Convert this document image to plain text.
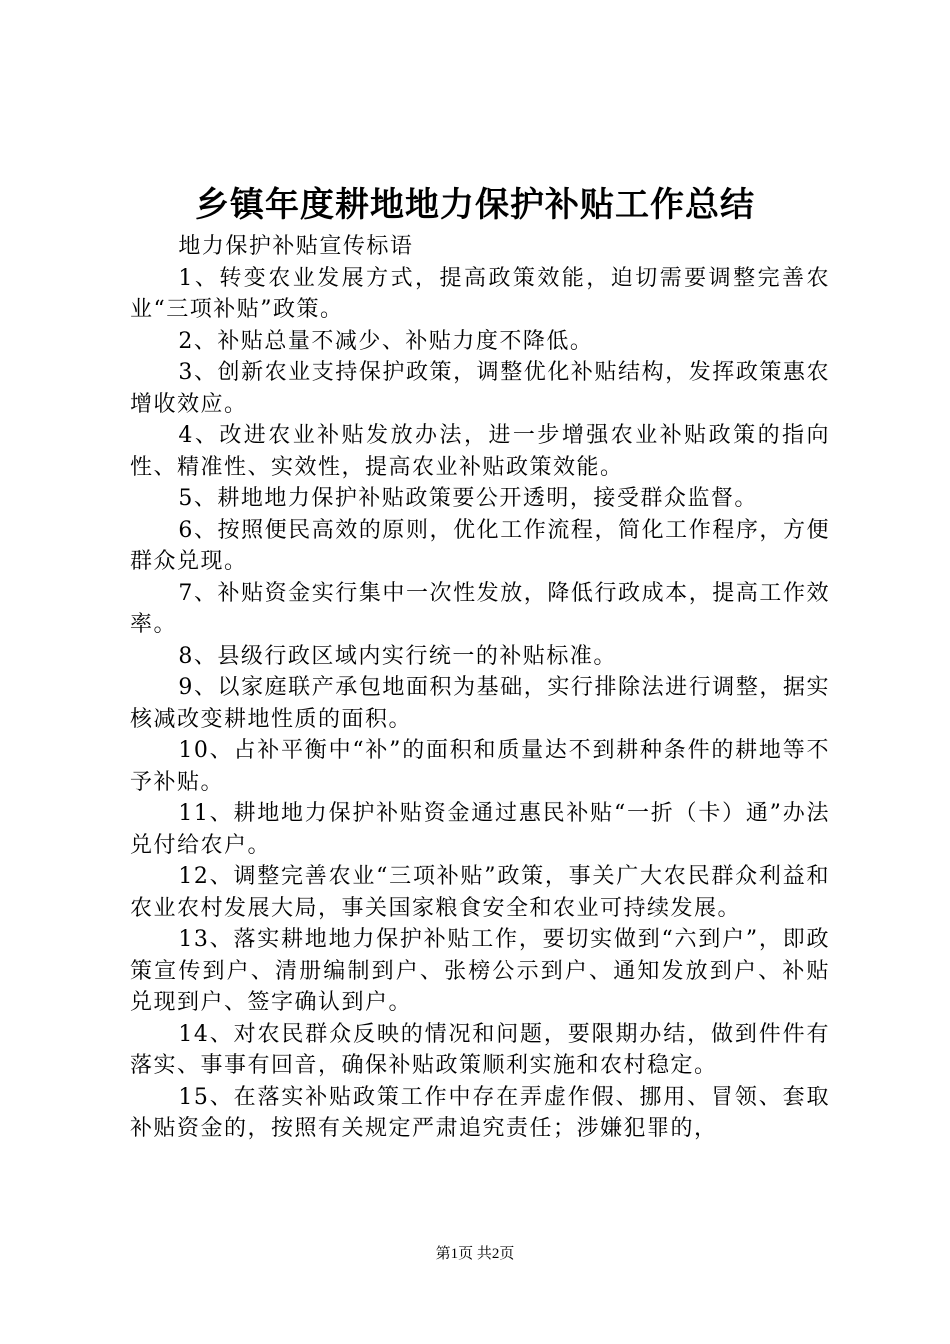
乡镇年度耕地地力保护补贴工作总结

地力保护补贴宣传标语

1、转变农业发展方式，提高政策效能，迫切需要调整完善农业“三项补贴”政策。

2、补贴总量不减少、补贴力度不降低。

3、创新农业支持保护政策，调整优化补贴结构，发挥政策惠农增收效应。

4、改进农业补贴发放办法，进一步增强农业补贴政策的指向性、精准性、实效性，提高农业补贴政策效能。

5、耕地地力保护补贴政策要公开透明，接受群众监督。

6、按照便民高效的原则，优化工作流程，简化工作程序，方便群众兑现。

7、补贴资金实行集中一次性发放，降低行政成本，提高工作效率。

8、县级行政区域内实行统一的补贴标准。

9、以家庭联产承包地面积为基础，实行排除法进行调整，据实核减改变耕地性质的面积。

10、占补平衡中“补”的面积和质量达不到耕种条件的耕地等不予补贴。

11、耕地地力保护补贴资金通过惠民补贴“一折（卡）通”办法兑付给农户。

12、调整完善农业“三项补贴”政策，事关广大农民群众利益和农业农村发展大局，事关国家粮食安全和农业可持续发展。

13、落实耕地地力保护补贴工作，要切实做到“六到户”，即政策宣传到户、清册编制到户、张榜公示到户、通知发放到户、补贴兑现到户、签字确认到户。

14、对农民群众反映的情况和问题，要限期办结，做到件件有落实、事事有回音，确保补贴政策顺利实施和农村稳定。

15、在落实补贴政策工作中存在弄虚作假、挪用、冒领、套取补贴资金的，按照有关规定严肃追究责任；涉嫌犯罪的，

第1页 共2页
